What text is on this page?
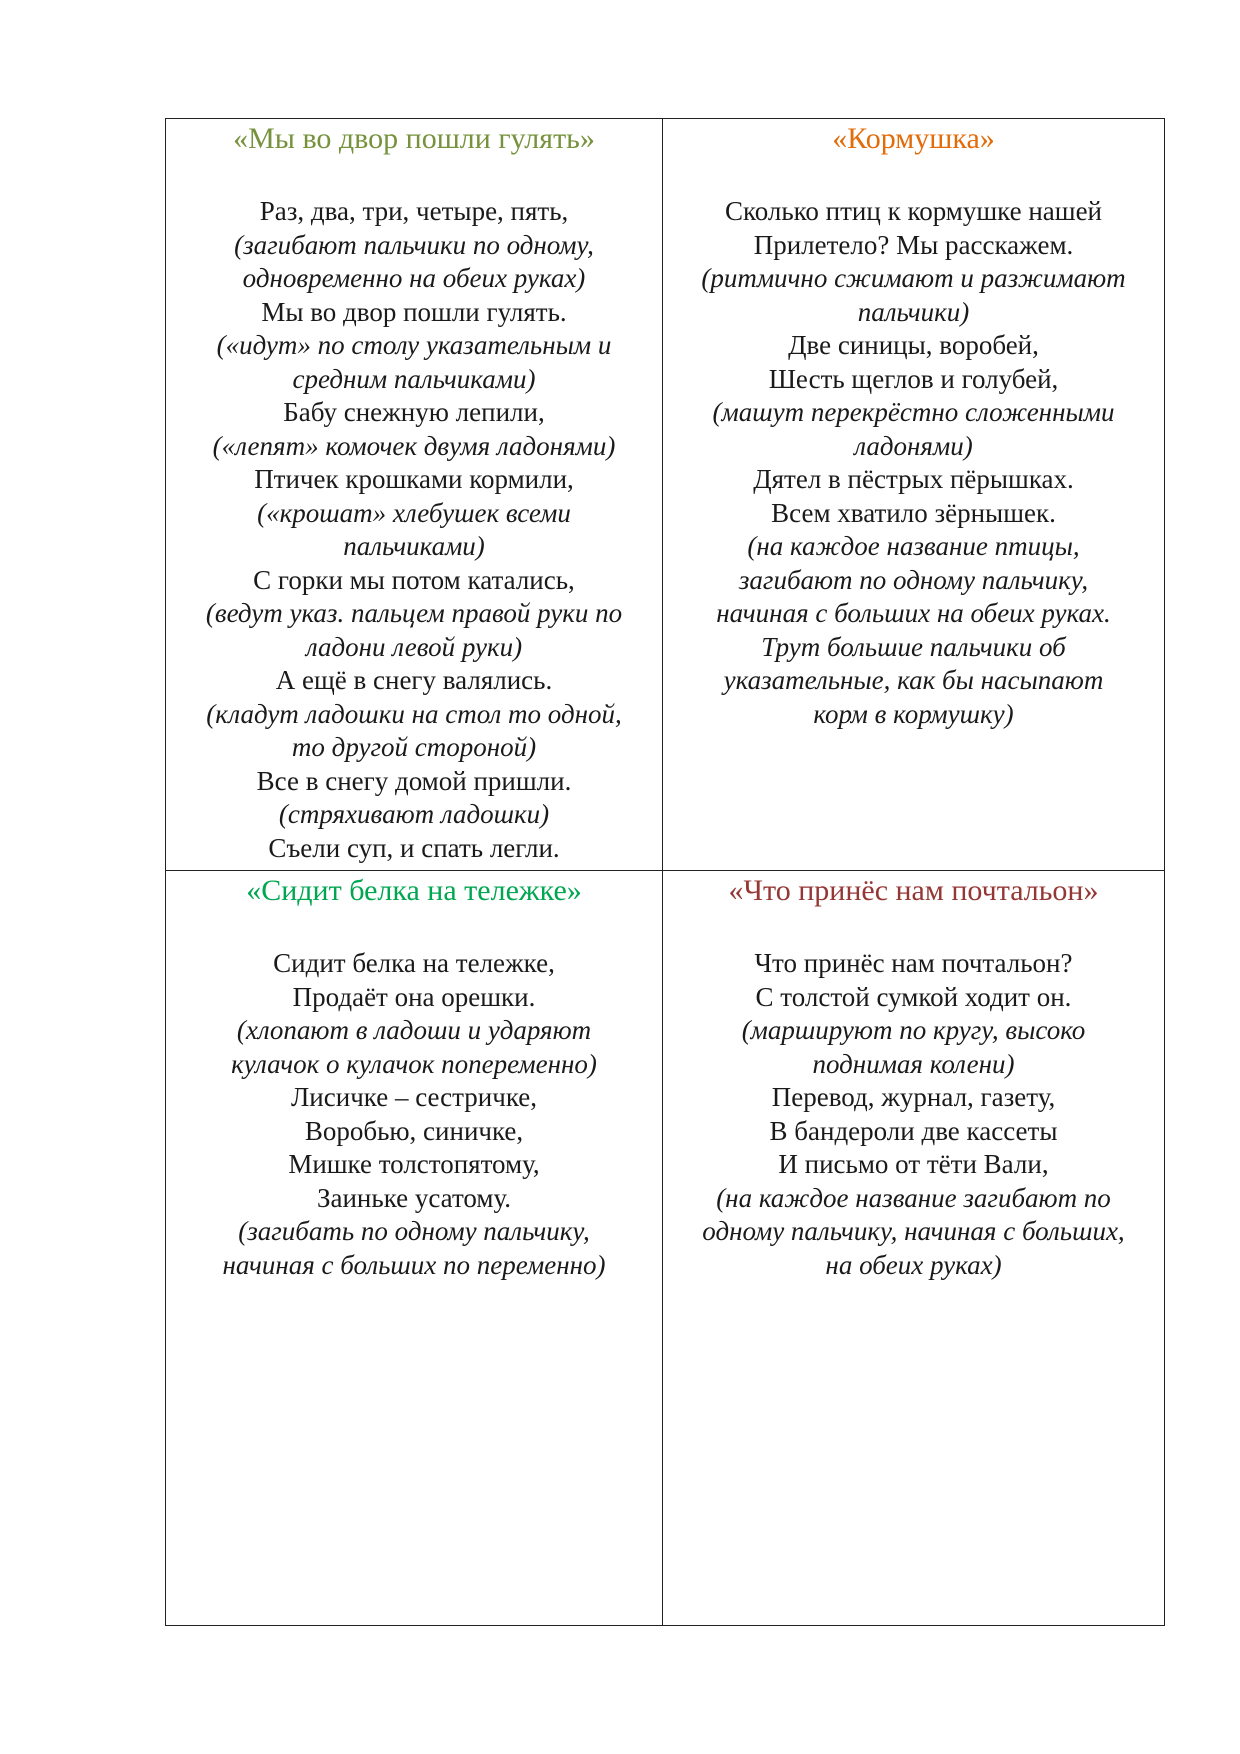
«Мы во двор пошли гулять»
Раз, два, три, четыре, пять,
(загибают пальчики по одному,
одновременно на обеих руках)
Мы во двор пошли гулять.
(«идут» по столу указательным и
средним пальчиками)
Бабу снежную лепили,
(«лепят» комочек двумя ладонями)
Птичек крошками кормили,
(«крошат» хлебушек всеми
пальчиками)
С горки мы потом катались,
(ведут указ. пальцем правой руки по
ладони левой руки)
А ещё в снегу валялись.
(кладут ладошки на стол то одной,
то другой стороной)
Все в снегу домой пришли.
(стряхивают ладошки)
Съели суп, и спать легли.
«Кормушка»
Сколько птиц к кормушке нашей
Прилетело? Мы расскажем.
(ритмично сжимают и разжимают
пальчики)
Две синицы, воробей,
Шесть щеглов и голубей,
(машут перекрёстно сложенными
ладонями)
Дятел в пёстрых пёрышках.
Всем хватило зёрнышек.
(на каждое название птицы,
загибают по одному пальчику,
начиная с больших на обеих руках.
Трут большие пальчики об
указательные, как бы насыпают
корм в кормушку)
«Сидит белка на тележке»
Сидит белка на тележке,
Продаёт она орешки.
(хлопают в ладоши и ударяют
кулачок о кулачок попеременно)
Лисичке – сестричке,
Воробью, синичке,
Мишке толстопятому,
Заиньке усатому.
(загибать по одному пальчику,
начиная с больших по переменно)
«Что принёс нам почтальон»
Что принёс нам почтальон?
С толстой сумкой ходит он.
(маршируют по кругу, высоко
поднимая колени)
Перевод, журнал, газету,
В бандероли две кассеты
И письмо от тёти Вали,
(на каждое название загибают по
одному пальчику, начиная с больших,
на обеих руках)
